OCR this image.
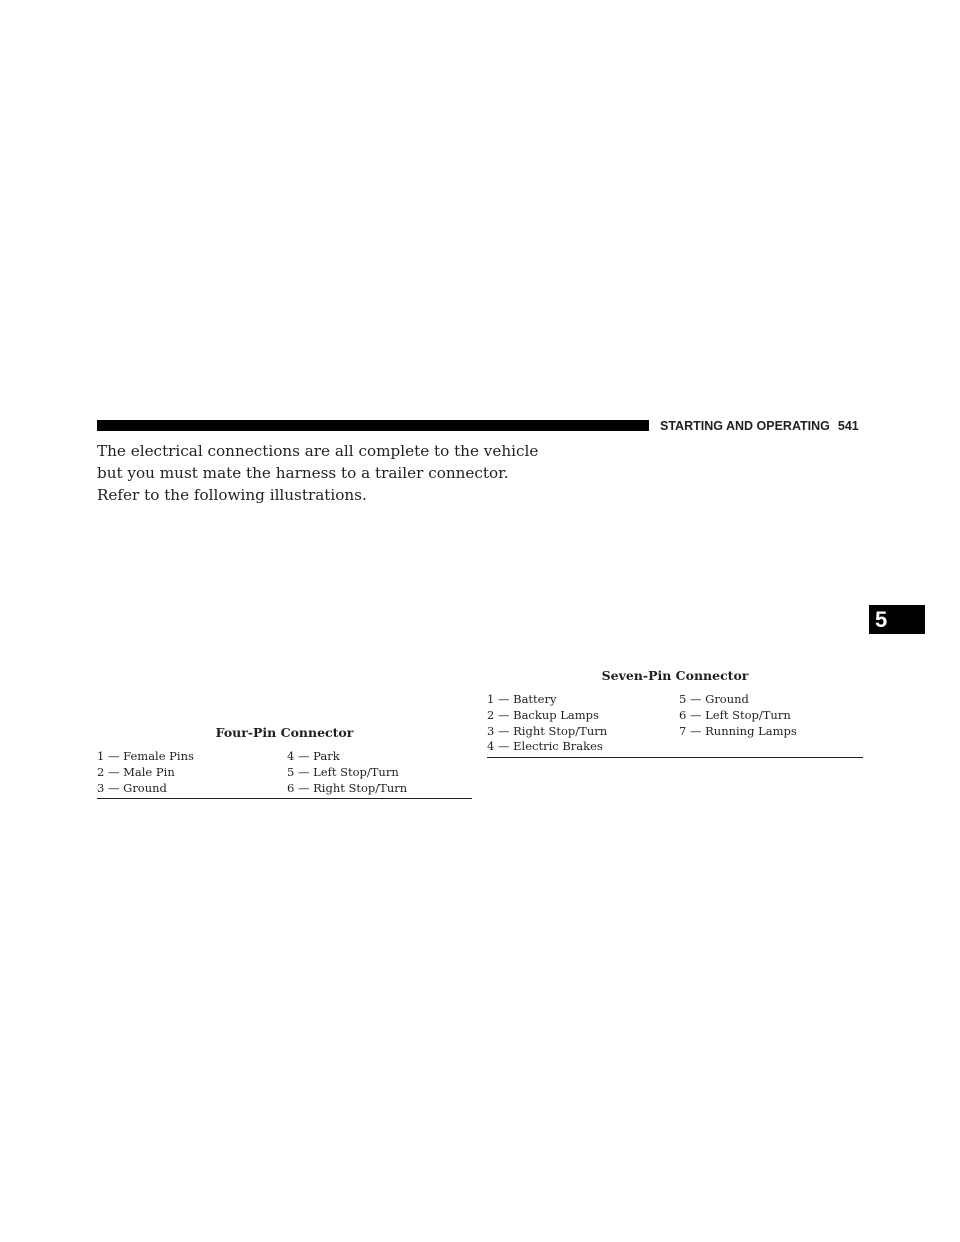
STARTING AND OPERATING 541
The electrical connections are all complete to the vehicle
but you must mate the harness to a trailer connector.
Refer to the following illustrations.
5
Four-Pin Connector
1 — Female Pins
2 — Male Pin
3 — Ground
4 — Park
5 — Left Stop/Turn
6 — Right Stop/Turn
Seven-Pin Connector
1 — Battery
2 — Backup Lamps
3 — Right Stop/Turn
4 — Electric Brakes
5 — Ground
6 — Left Stop/Turn
7 — Running Lamps
